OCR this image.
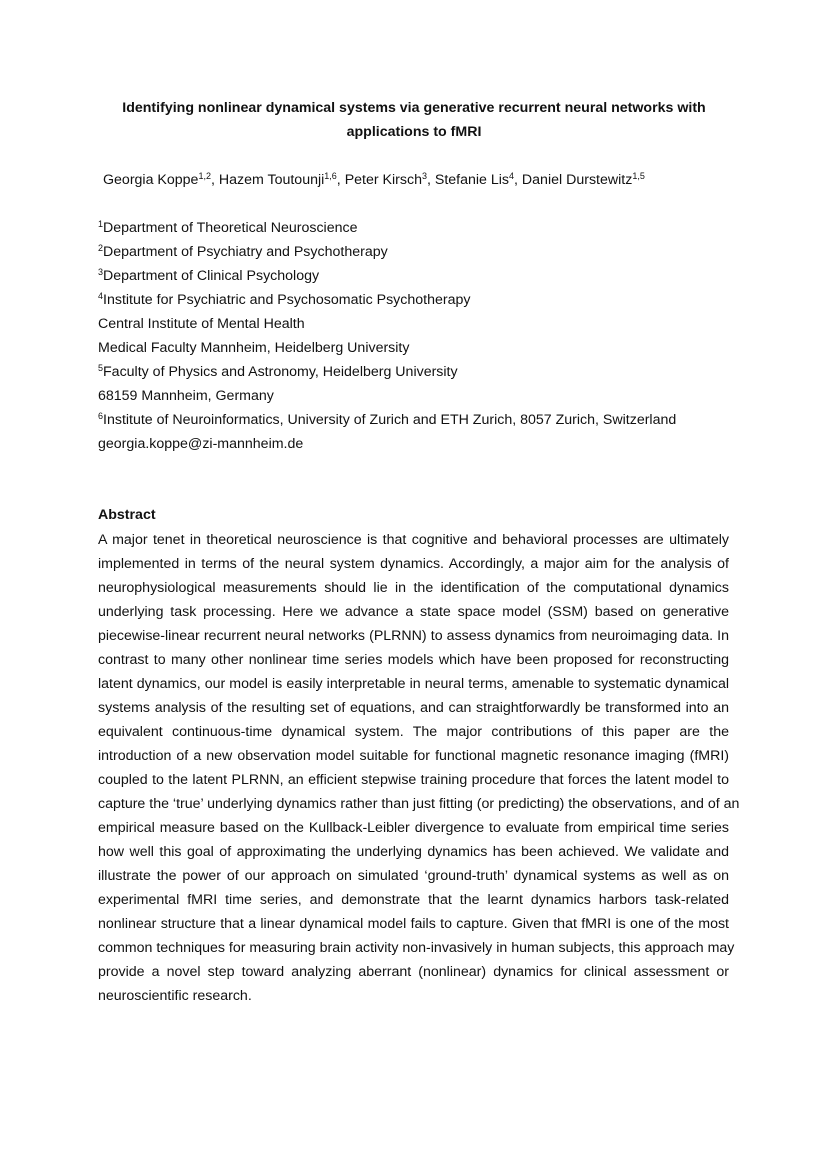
Identifying nonlinear dynamical systems via generative recurrent neural networks with
applications to fMRI
Georgia Koppe$^{1,2}$, Hazem Toutounji$^{1,6}$, Peter Kirsch$^3$, Stefanie Lis$^4$, Daniel Durstewitz$^{1,5}$
$^1$Department of Theoretical Neuroscience
$^2$Department of Psychiatry and Psychotherapy
$^3$Department of Clinical Psychology
$^4$Institute for Psychiatric and Psychosomatic Psychotherapy
Central Institute of Mental Health
Medical Faculty Mannheim, Heidelberg University
$^5$Faculty of Physics and Astronomy, Heidelberg University
68159 Mannheim, Germany
$^6$Institute of Neuroinformatics, University of Zurich and ETH Zurich, 8057 Zurich, Switzerland
georgia.koppe@zi-mannheim.de
Abstract
A major tenet in theoretical neuroscience is that cognitive and behavioral processes are ultimately
implemented in terms of the neural system dynamics. Accordingly, a major aim for the analysis of
neurophysiological measurements should lie in the identification of the computational dynamics
underlying task processing. Here we advance a state space model (SSM) based on generative
piecewise-linear recurrent neural networks (PLRNN) to assess dynamics from neuroimaging data. In
contrast to many other nonlinear time series models which have been proposed for reconstructing
latent dynamics, our model is easily interpretable in neural terms, amenable to systematic dynamical
systems analysis of the resulting set of equations, and can straightforwardly be transformed into an
equivalent continuous-time dynamical system. The major contributions of this paper are the
introduction of a new observation model suitable for functional magnetic resonance imaging (fMRI)
coupled to the latent PLRNN, an efficient stepwise training procedure that forces the latent model to
capture the ‘true’ underlying dynamics rather than just fitting (or predicting) the observations, and of an
empirical measure based on the Kullback-Leibler divergence to evaluate from empirical time series
how well this goal of approximating the underlying dynamics has been achieved. We validate and
illustrate the power of our approach on simulated ‘ground-truth’ dynamical systems as well as on
experimental fMRI time series, and demonstrate that the learnt dynamics harbors task-related
nonlinear structure that a linear dynamical model fails to capture. Given that fMRI is one of the most
common techniques for measuring brain activity non-invasively in human subjects, this approach may
provide a novel step toward analyzing aberrant (nonlinear) dynamics for clinical assessment or
neuroscientific research.
